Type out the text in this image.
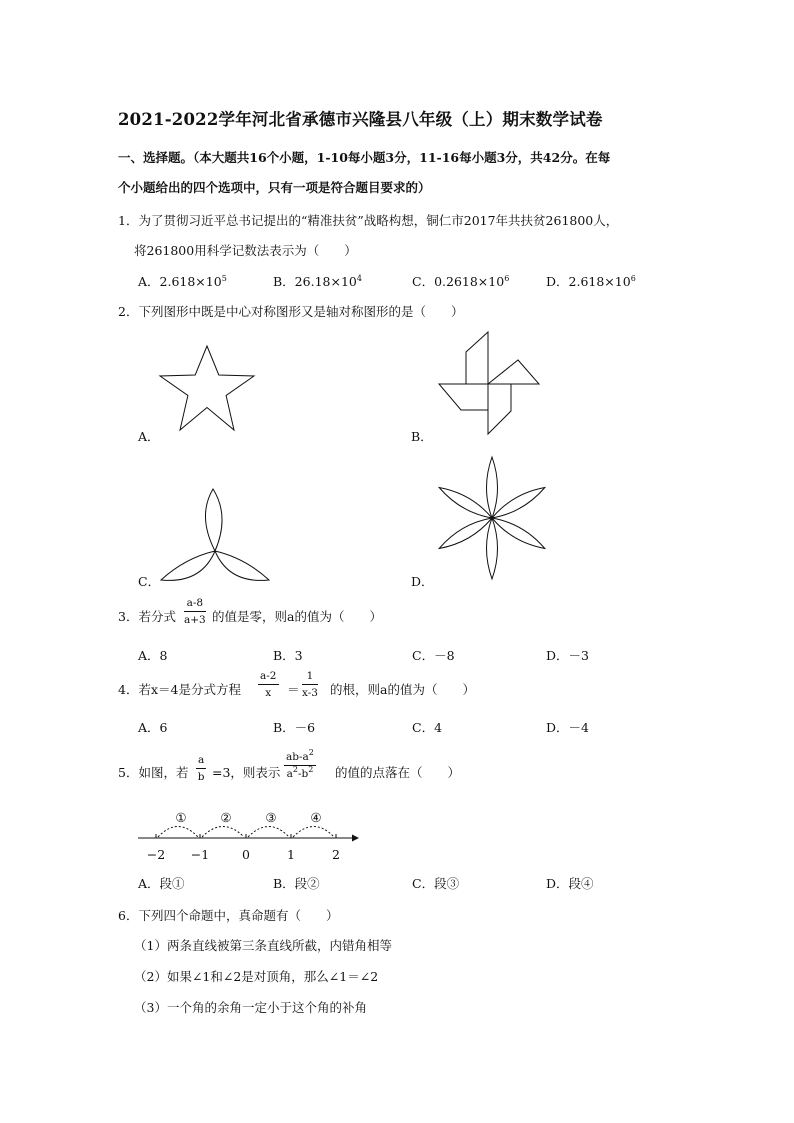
2021-2022学年河北省承德市兴隆县八年级（上）期末数学试卷
一、选择题。（本大题共16个小题，1-10每小题3分，11-16每小题3分，共42分。在每
个小题给出的四个选项中，只有一项是符合题目要求的）
1．为了贯彻习近平总书记提出的“精准扶贫”战略构想，铜仁市2017年共扶贫261800人，
将261800用科学记数法表示为（　　）
A．$2.618\times 10^5$	B．$26.18\times 10^4$	C．$0.2618\times 10^6$	D．$2.618\times 10^6$
2．下列图形中既是中心对称图形又是轴对称图形的是（　　）
A．	B．
C．	D．
3．若分式 $\frac{a-8}{a+3}$ 的值是零，则a的值为（　　）
A．8	B．3	C．－8	D．－3
4．若x＝4是分式方程 $\frac{a-2}{x} = \frac{1}{x-3}$ 的根，则a的值为（　　）
A．6	B．－6	C．4	D．－4
5．如图，若 $\frac{a}{b} =3$，则表示 $\frac{ab-a^2}{a^2-b^2}$ 的值的点落在（　　）
①	②	③	④
−2 −1	0	1	2
A．段①	B．段②	C．段③	D．段④
6．下列四个命题中，真命题有（　　）
（1）两条直线被第三条直线所截，内错角相等
（2）如果∠1和∠2是对顶角，那么∠1＝∠2
（3）一个角的余角一定小于这个角的补角
